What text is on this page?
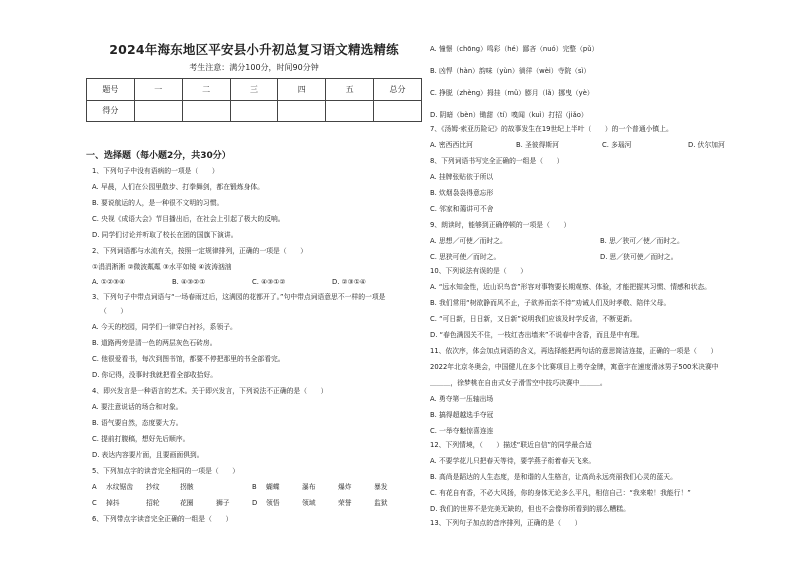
2024年海东地区平安县小升初总复习语文精选精练
考生注意：满分100分，时间90分钟
题号	一	二	三	四	五	总分
得分						
一、选择题（每小题2分，共30分）
1、下列句子中没有语病的一项是（　　）
A. 早晨，人们在公园里散步、打拳舞剑，都在锻炼身体。
B. 要说航运的人，是一种很不文明的习惯。
C. 央视《成语大会》节目播出后，在社会上引起了极大的反响。
D. 同学们讨论并听取了校长在团的国旗下演讲。
2、下列词语都与水流有关，按照一定规律排列，正确的一项是（　　）
①涓涓淅淅 ②微波粼粼 ③水平如镜 ④波涛汹汹
A. ①②③④	B. ④③②①	C. ④③①②	D. ②③①④
3、下列句子中带点词语与“一场春雨过后，这满园的花都开了。”句中带点词语意思不一样的一项是
（　　）
A. 今天的校园，同学们一律穿白衬衫，系领子。
B. 道路两旁是清一色的两层灰色石砖房。
C. 他很爱看书，每次到图书馆，都要不停把那里的书全部看完。
D. 你记得，没事时我就把看全部收拾好。
4、即兴发言是一种语言的艺术。关于即兴发言，下列说法不正确的是（　　）
A. 要注意说话的场合和对象。
B. 语气要自然，态度要大方。
C. 提前打腹稿，想好先后顺序。
D. 表达内容要片面，且要画面俱到。
5、下列加点字的读音完全相同的一项是（　　）
A 水纹锯齿 抄纹	拐骸	B 蝴蝶	瀑布	爆炸	暴发
C 掉抖	招轮	花圈	狮子	D 领悟	领域	荣誉	监狱
6、下列带点字读音完全正确的一组是（　　）
A. 憧憬（chōng）鸣彩（hé）鄙吝（nuó）完整（pǔ）
B. 凶悍（hàn）韵味（yùn）徜徉（wèi）寺院（sì）
C. 挣脱（zhèng）拇挂（mǔ）膨月（lǎ）挪曳（yè）
D. 阴暗（bèn）锄甜（tí）嗅闻（kuì）打招（jiǎo）
7、《汤姆·索亚历险记》的故事发生在19世纪上半叶（　　）的一个普通小镇上。
A. 密西西比河	B. 圣彼得斯河	C. 多瑙河	D. 伏尔加河
8、下列词语书写完全正确的一组是（　　）
A. 挂牌张贴依于所以
B. 炊烟袅袅得意忘形
C. 邻家和蔼讲可不舍
9、朗读时，能够到正确停顿的一项是（　　）
A. 思想／可使／而时之。	B. 思／狭可／使／而时之。
C. 思狭可使／而时之。	D. 思／狭可使／而时之。
10、下列说法有误的是（　　）
A. “远水知金性，近山识鸟音”形容对事物要长期观察、体验，才能把握其习惯、情感和状态。
B. 我们常用“树欲静而风不止，子欲养而亲不待”劝诫人们及时孝敬、陪伴父母。
C. “可日新，日日新，又日新”说明我们应该及时学反省，不断更新。
D. “春色满园关不住，一枝红杏出墙来”不说春中含香，而且是中有理。
11、依次序，体会加点词语的含义，再选择能把两句话的意思简洁连接，正确的一项是（　　）
2022年北京冬奥会，中国健儿在多个比赛项目上勇夺金牌，寓意宇在速度滑冰男子500米决赛中
＿＿＿，徐梦桃在自由式女子滑雪空中技巧决赛中＿＿＿。
A. 勇夺第一压轴出场
B. 搞得超越选手夺冠
C. 一举夺魁惊喜连连
12、下列情境，（　　）描述“联近自信”的同学最合适
A. 不要学花儿只把春天等待，要学燕子衔着春天飞来。
B. 高尚是蹈达的人生态度，是和谐的人生格言，让高尚永远亮丽我们心灵的蓝天。
C. 有花自有香，不必大风扬，你的身体无论多么平凡，相信自己：“我来啦！我能行！”
D. 我们的世界不是完美无缺的，但也不会像你所看到的那么糟糕。
13、下列句子加点的音序排列，正确的是（　　）
